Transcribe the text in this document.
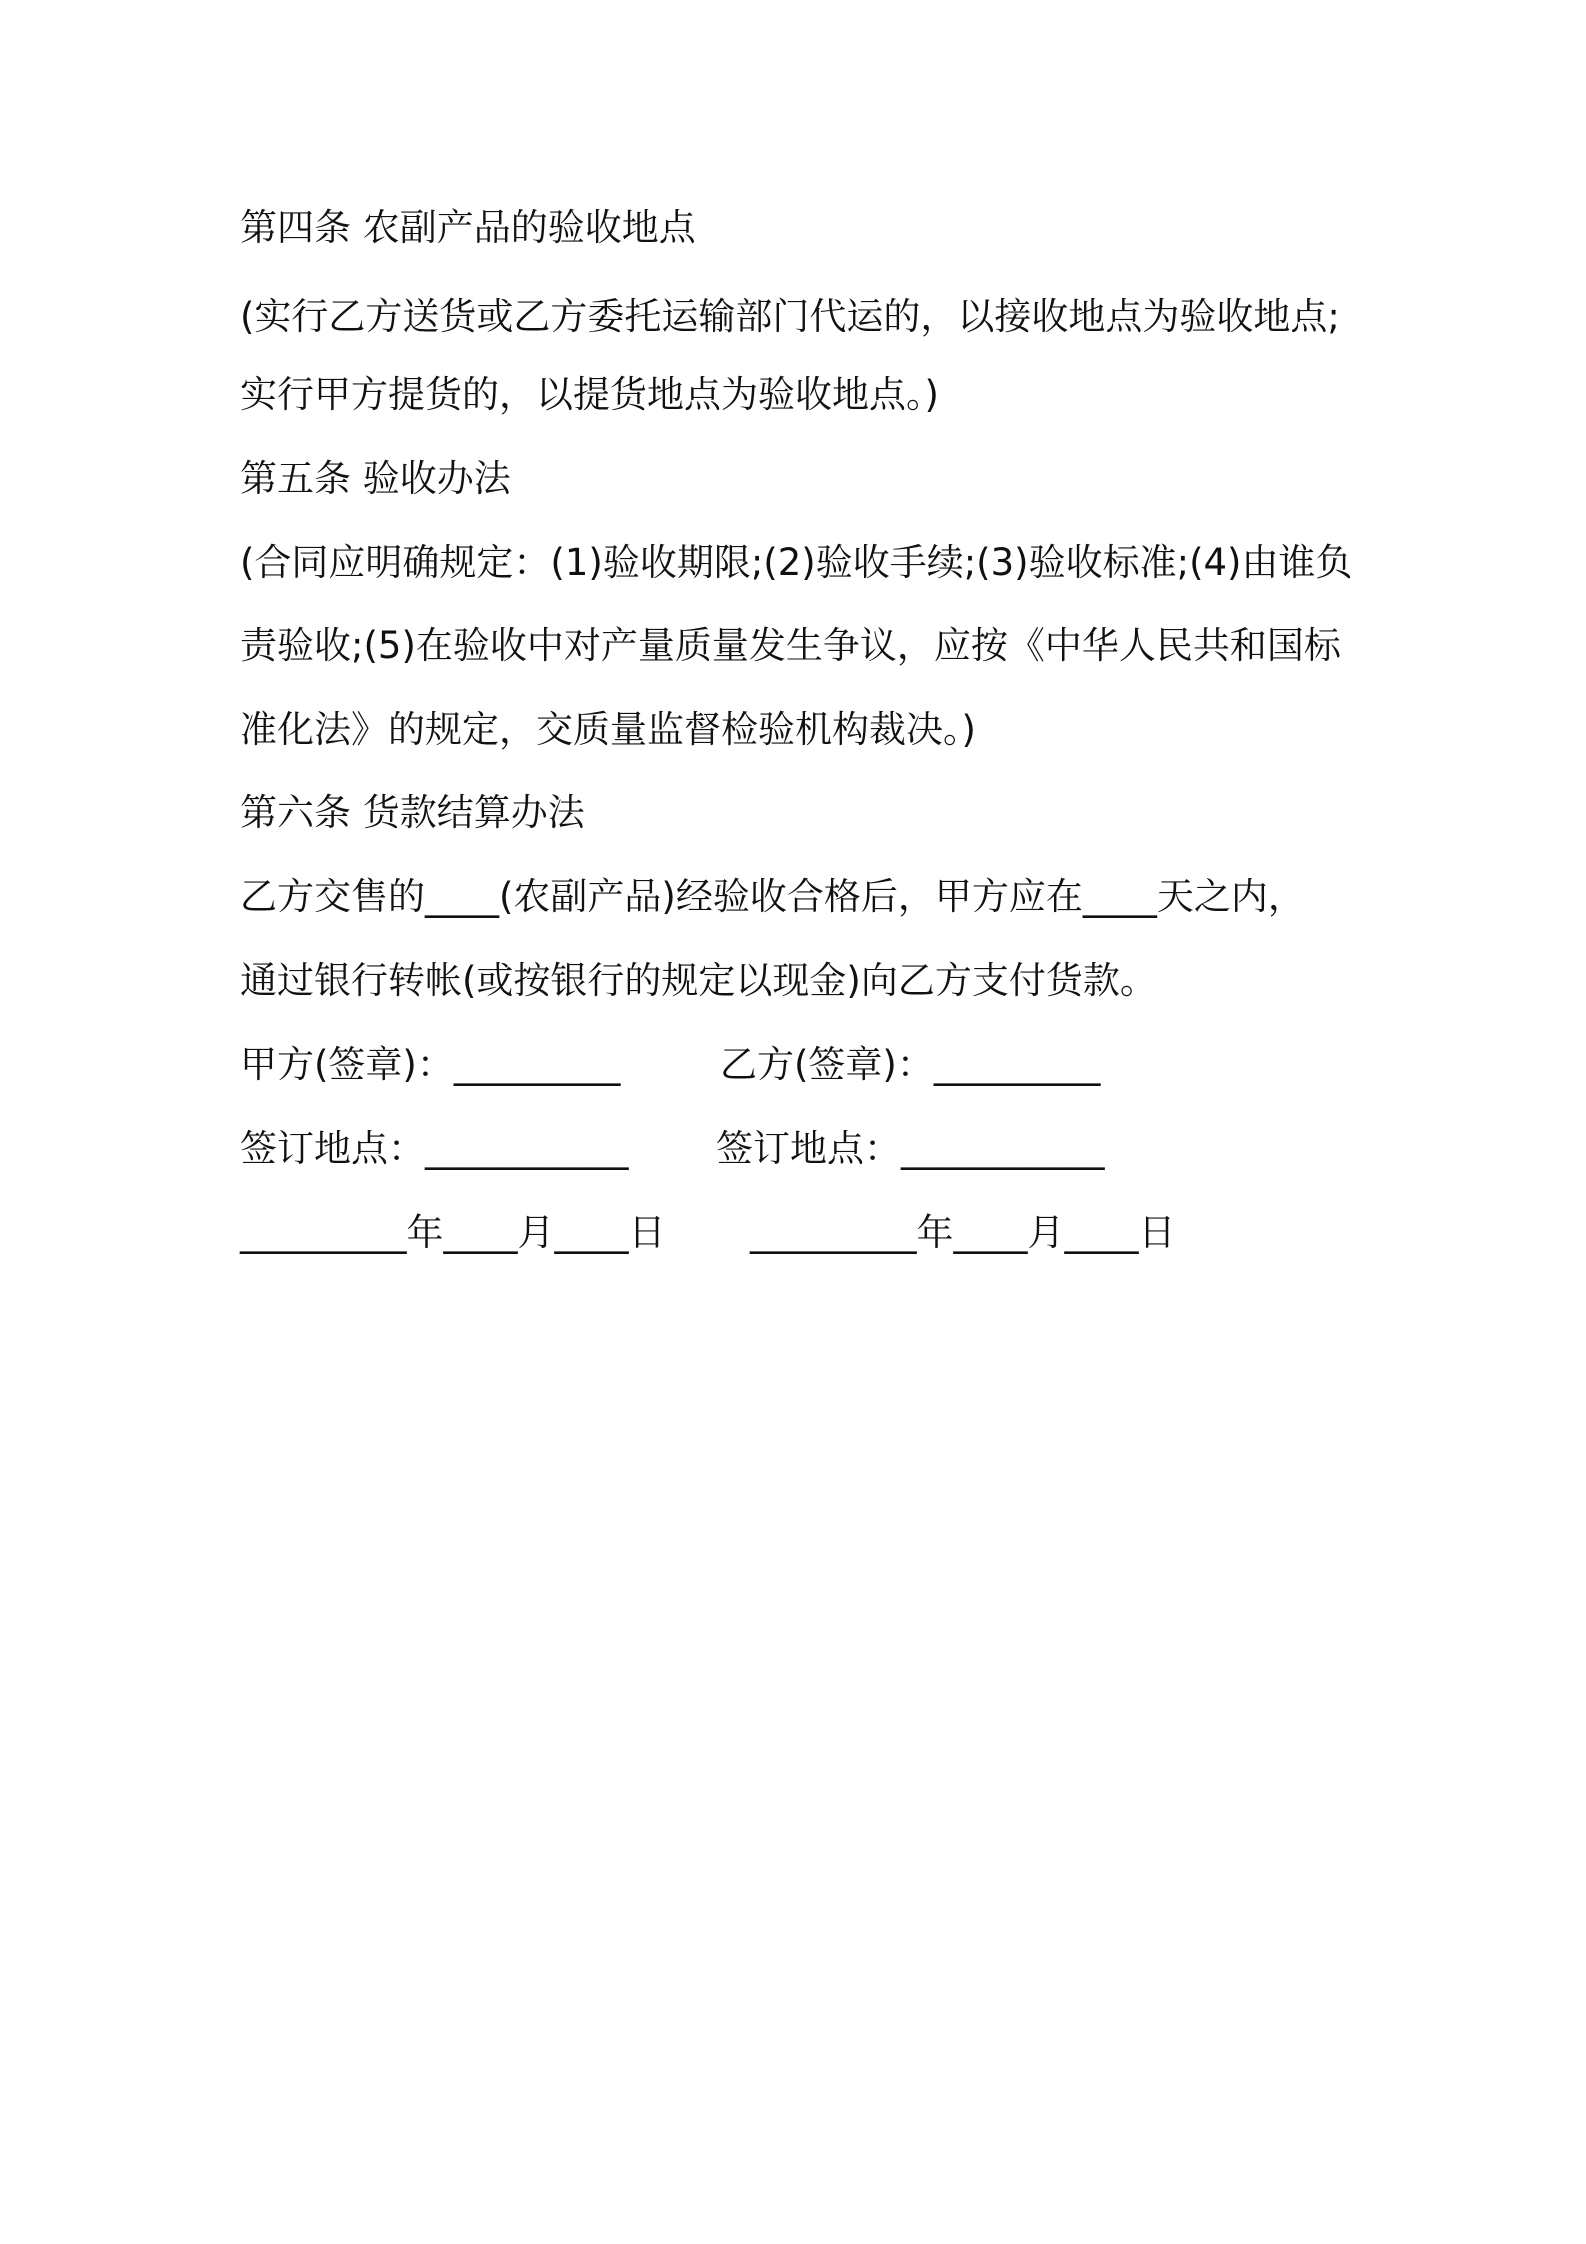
第四条 农副产品的验收地点
(实行乙方送货或乙方委托运输部门代运的，以接收地点为验收地点;
实行甲方提货的，以提货地点为验收地点。)
第五条 验收办法
(合同应明确规定：(1)验收期限;(2)验收手续;(3)验收标准;(4)由谁负
责验收;(5)在验收中对产量质量发生争议，应按《中华人民共和国标
准化法》的规定，交质量监督检验机构裁决。)
第六条 货款结算办法
乙方交售的____(农副产品)经验收合格后，甲方应在____天之内，
通过银行转帐(或按银行的规定以现金)向乙方支付货款。
甲方(签章)：_________	乙方(签章)：_________
签订地点：___________ 签订地点：___________
_________年____月____日 _________年____月____日
